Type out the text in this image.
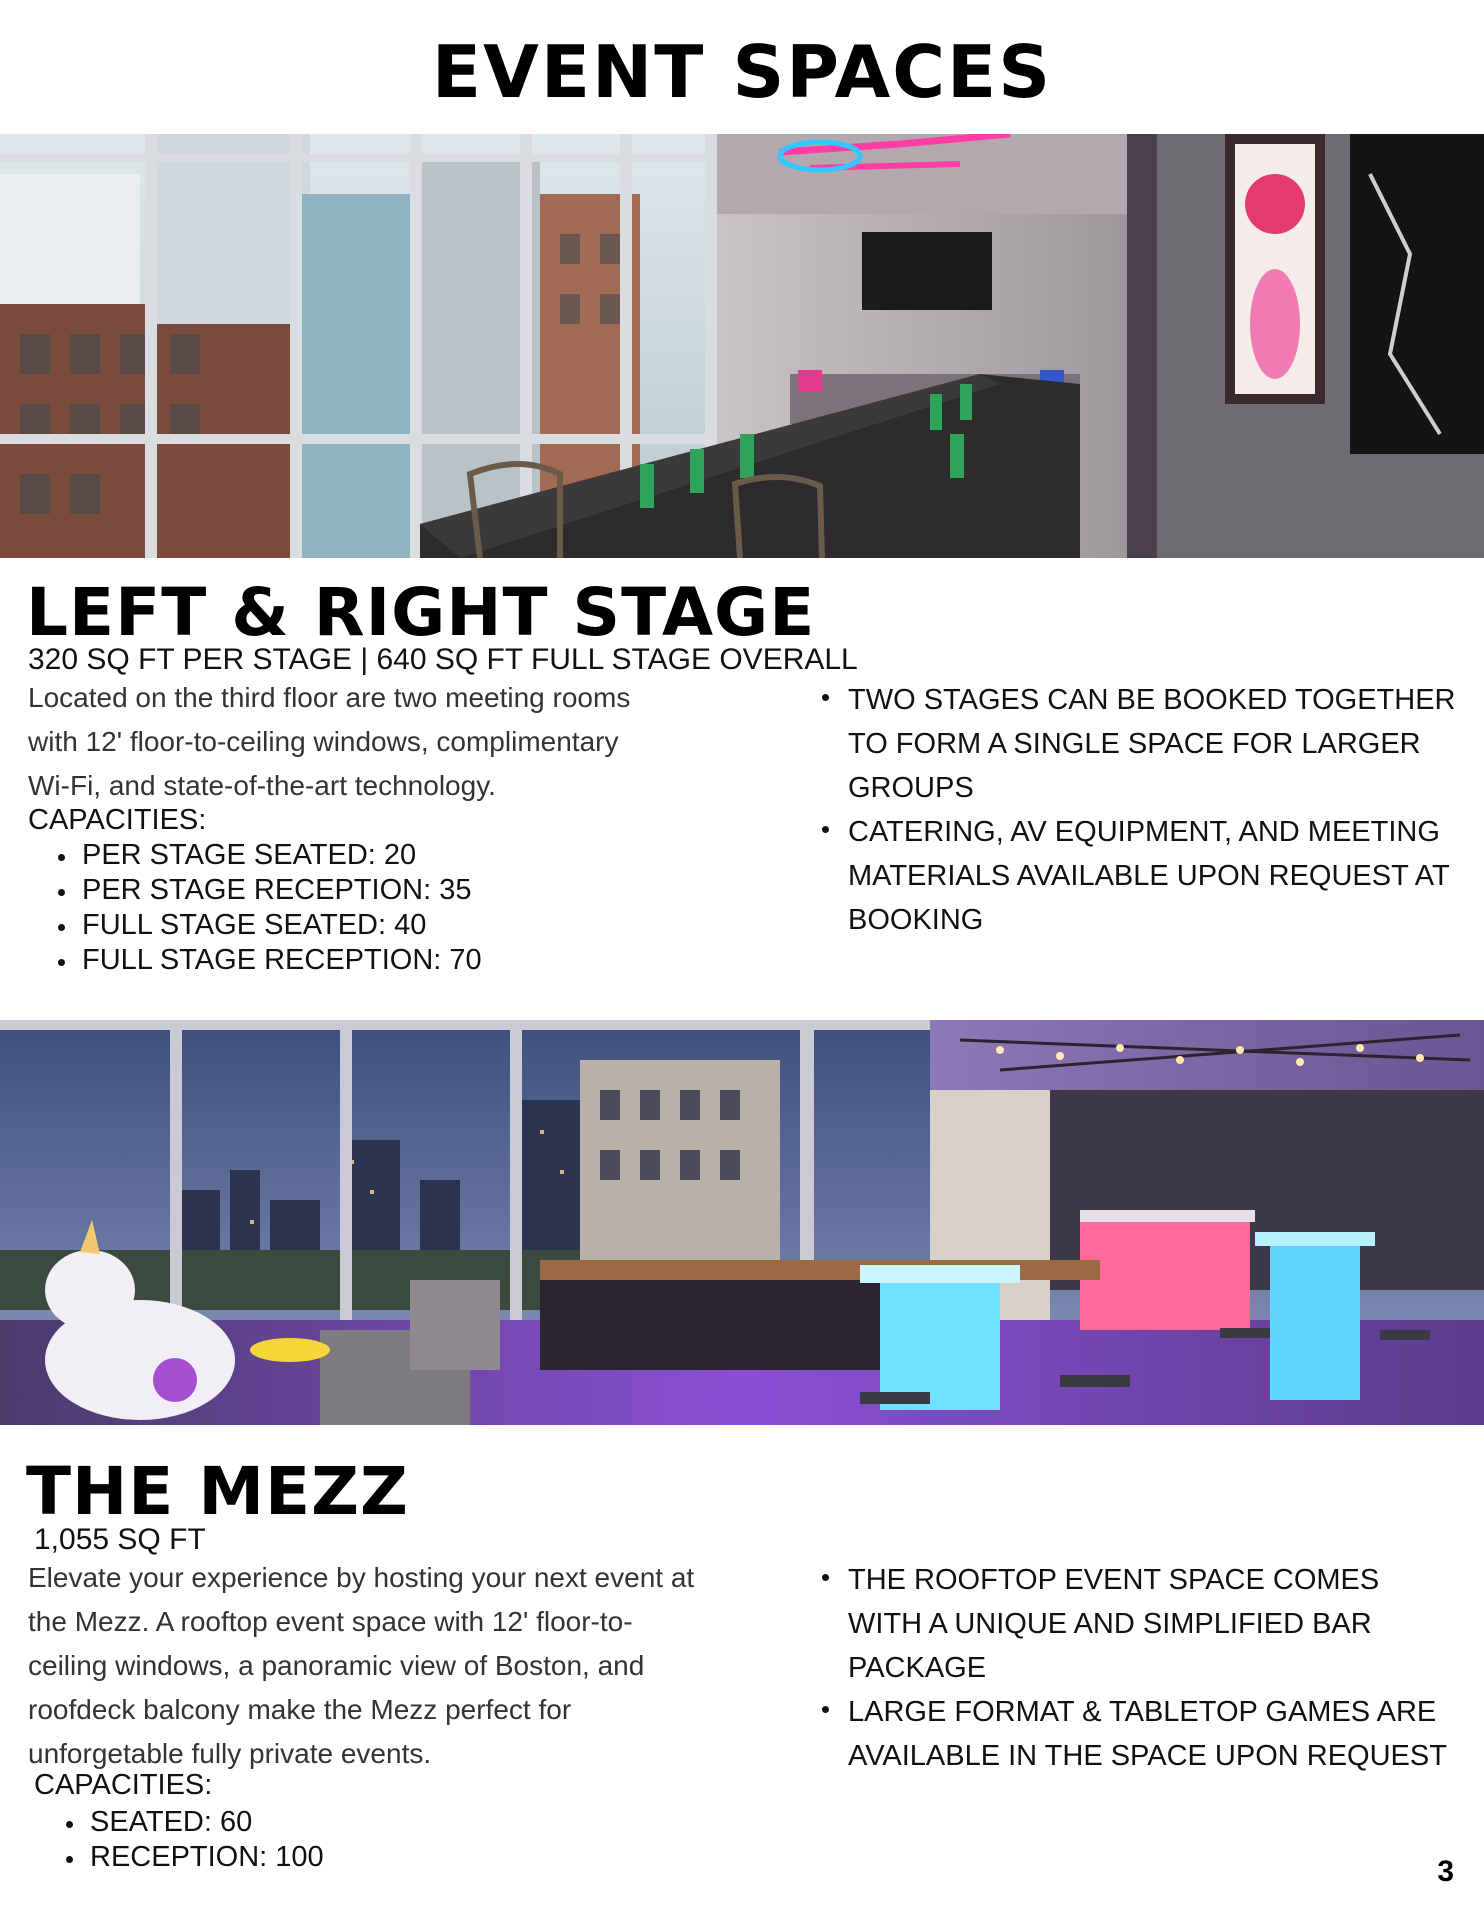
EVENT SPACES
LEFT & RIGHT STAGE
320 SQ FT PER STAGE | 640 SQ FT FULL STAGE OVERALL
Located on the third floor are two meeting rooms with 12' floor-to-ceiling windows, complimentary Wi-Fi, and state-of-the-art technology.
CAPACITIES:
PER STAGE SEATED: 20
PER STAGE RECEPTION: 35
FULL STAGE SEATED: 40
FULL STAGE RECEPTION: 70
TWO STAGES CAN BE BOOKED TOGETHER TO FORM A SINGLE SPACE FOR LARGER GROUPS
CATERING, AV EQUIPMENT, AND MEETING MATERIALS AVAILABLE UPON REQUEST AT BOOKING
THE MEZZ
1,055 SQ FT
Elevate your experience by hosting your next event at the Mezz. A rooftop event space with 12' floor-to-ceiling windows, a panoramic view of Boston, and roofdeck balcony make the Mezz perfect for unforgetable fully private events.
CAPACITIES:
SEATED: 60
RECEPTION: 100
THE ROOFTOP EVENT SPACE COMES WITH A UNIQUE AND SIMPLIFIED BAR PACKAGE
LARGE FORMAT & TABLETOP GAMES ARE AVAILABLE IN THE SPACE UPON REQUEST
3
